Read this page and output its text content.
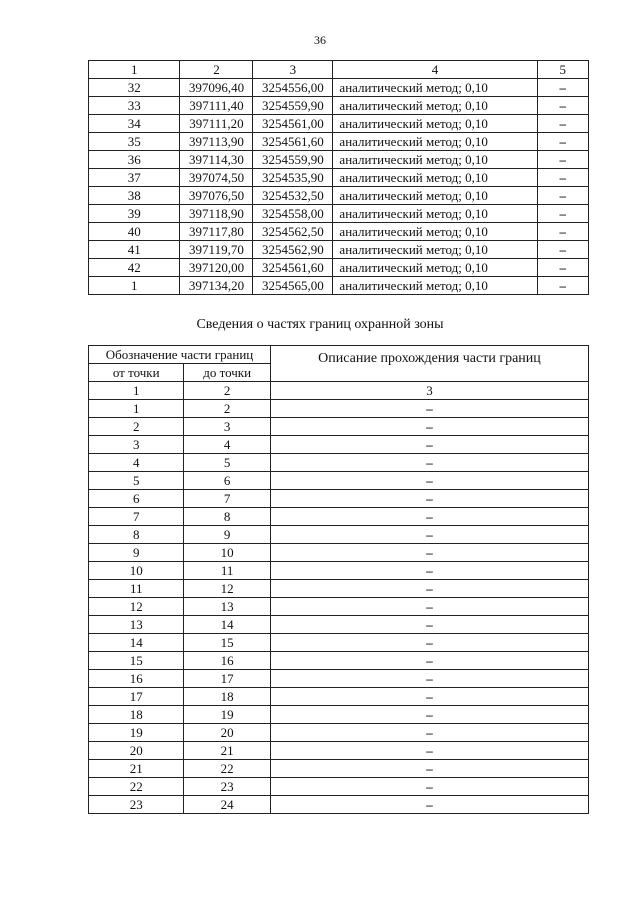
36
1	2	3	4	5
32	397096,40	3254556,00	аналитический метод; 0,10	–
33	397111,40	3254559,90	аналитический метод; 0,10	–
34	397111,20	3254561,00	аналитический метод; 0,10	–
35	397113,90	3254561,60	аналитический метод; 0,10	–
36	397114,30	3254559,90	аналитический метод; 0,10	–
37	397074,50	3254535,90	аналитический метод; 0,10	–
38	397076,50	3254532,50	аналитический метод; 0,10	–
39	397118,90	3254558,00	аналитический метод; 0,10	–
40	397117,80	3254562,50	аналитический метод; 0,10	–
41	397119,70	3254562,90	аналитический метод; 0,10	–
42	397120,00	3254561,60	аналитический метод; 0,10	–
1	397134,20	3254565,00	аналитический метод; 0,10	–
Сведения о частях границ охранной зоны
Обозначение части границ		Описание прохождения части границ
от точки	до точки	
1	2	3
1	2	–
2	3	–
3	4	–
4	5	–
5	6	–
6	7	–
7	8	–
8	9	–
9	10	–
10	11	–
11	12	–
12	13	–
13	14	–
14	15	–
15	16	–
16	17	–
17	18	–
18	19	–
19	20	–
20	21	–
21	22	–
22	23	–
23	24	–
